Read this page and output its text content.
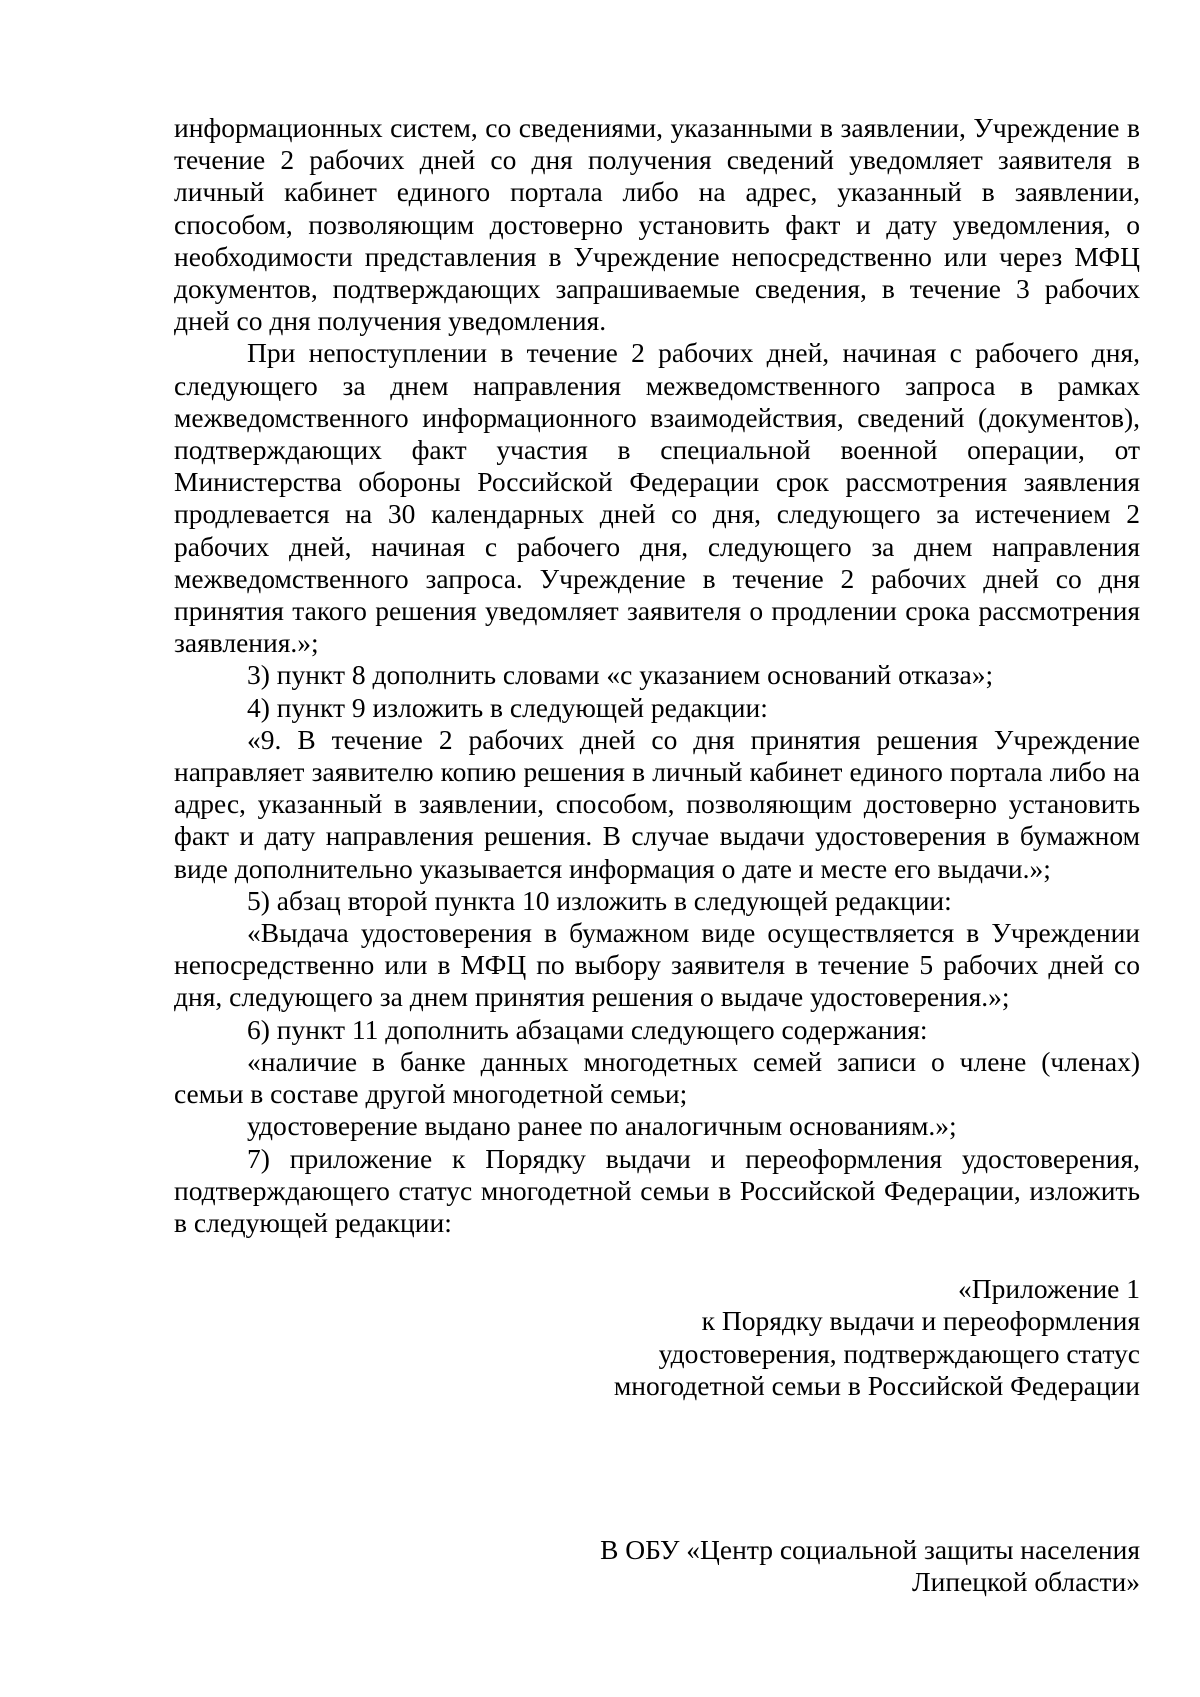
информационных систем, со сведениями, указанными в заявлении, Учреждение в течение 2 рабочих дней со дня получения сведений уведомляет заявителя в личный кабинет единого портала либо на адрес, указанный в заявлении, способом, позволяющим достоверно установить факт и дату уведомления, о необходимости представления в Учреждение непосредственно или через МФЦ документов, подтверждающих запрашиваемые сведения, в течение 3 рабочих дней со дня получения уведомления.

При непоступлении в течение 2 рабочих дней, начиная с рабочего дня, следующего за днем направления межведомственного запроса в рамках межведомственного информационного взаимодействия, сведений (документов), подтверждающих факт участия в специальной военной операции, от Министерства обороны Российской Федерации срок рассмотрения заявления продлевается на 30 календарных дней со дня, следующего за истечением 2 рабочих дней, начиная с рабочего дня, следующего за днем направления межведомственного запроса. Учреждение в течение 2 рабочих дней со дня принятия такого решения уведомляет заявителя о продлении срока рассмотрения заявления.»;

3) пункт 8 дополнить словами «с указанием оснований отказа»;

4) пункт 9 изложить в следующей редакции:

«9. В течение 2 рабочих дней со дня принятия решения Учреждение направляет заявителю копию решения в личный кабинет единого портала либо на адрес, указанный в заявлении, способом, позволяющим достоверно установить факт и дату направления решения. В случае выдачи удостоверения в бумажном виде дополнительно указывается информация о дате и месте его выдачи.»;

5) абзац второй пункта 10 изложить в следующей редакции:

«Выдача удостоверения в бумажном виде осуществляется в Учреждении непосредственно или в МФЦ по выбору заявителя в течение 5 рабочих дней со дня, следующего за днем принятия решения о выдаче удостоверения.»;

6) пункт 11 дополнить абзацами следующего содержания:

«наличие в банке данных многодетных семей записи о члене (членах) семьи в составе другой многодетной семьи;

удостоверение выдано ранее по аналогичным основаниям.»;

7) приложение к Порядку выдачи и переоформления удостоверения, подтверждающего статус многодетной семьи в Российской Федерации, изложить в следующей редакции:

«Приложение 1
к Порядку выдачи и переоформления
удостоверения, подтверждающего статус
многодетной семьи в Российской Федерации
В ОБУ «Центр социальной защиты населения
Липецкой области»
